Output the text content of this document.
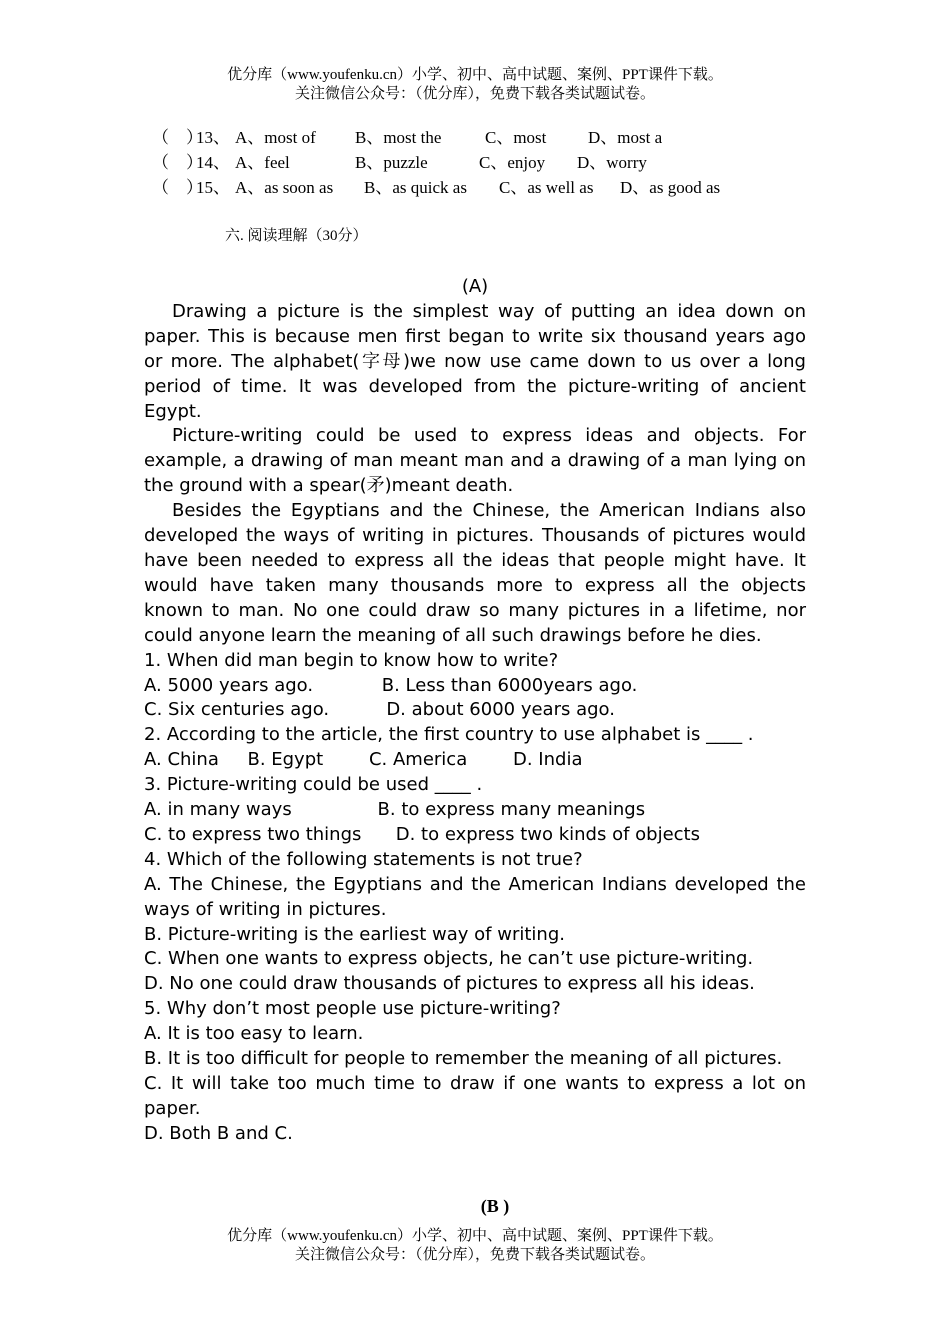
优分库（www.youfenku.cn）小学、初中、高中试题、案例、PPT课件下载。
关注微信公众号：（优分库），免费下载各类试题试卷。
（　）
13、 A、most of B、most the	C、most D、most a
（　）
14、 A、feel	B、puzzle	C、enjoy D、worry
（　）
15、 A、as soon as B、as quick as C、as well as D、as good as
六. 阅读理解（30分）
(A)

Drawing a picture is the simplest way of putting an idea down on paper. This is because men first began to write six thousand years ago or more. The alphabet(字母)we now use came down to us over a long period of time. It was developed from the picture-writing of ancient Egypt.

Picture-writing could be used to express ideas and objects. For example, a drawing of man meant man and a drawing of a man lying on the ground with a spear(矛)meant death.

Besides the Egyptians and the Chinese, the American Indians also developed the ways of writing in pictures. Thousands of pictures would have been needed to express all the ideas that people might have. It would have taken many thousands more to express all the objects known to man. No one could draw so many pictures in a lifetime, nor could anyone learn the meaning of all such drawings before he dies.

1. When did man begin to know how to write?

A. 5000 years ago.            B. Less than 6000years ago.

C. Six centuries ago.          D. about 6000 years ago.

2. According to the article, the first country to use alphabet is ____ .

A. China     B. Egypt        C. America        D. India

3. Picture-writing could be used ____ .

A. in many ways               B. to express many meanings

C. to express two things      D. to express two kinds of objects

4. Which of the following statements is not true?

A. The Chinese, the Egyptians and the American Indians developed the ways of writing in pictures.

B. Picture-writing is the earliest way of writing.

C. When one wants to express objects, he can’t use picture-writing.

D. No one could draw thousands of pictures to express all his ideas.

5. Why don’t most people use picture-writing?

A. It is too easy to learn.

B. It is too difficult for people to remember the meaning of all pictures.

C. It will take too much time to draw if one wants to express a lot on paper.

D. Both B and C.

(B )
优分库（www.youfenku.cn）小学、初中、高中试题、案例、PPT课件下载。
关注微信公众号：（优分库），免费下载各类试题试卷。
